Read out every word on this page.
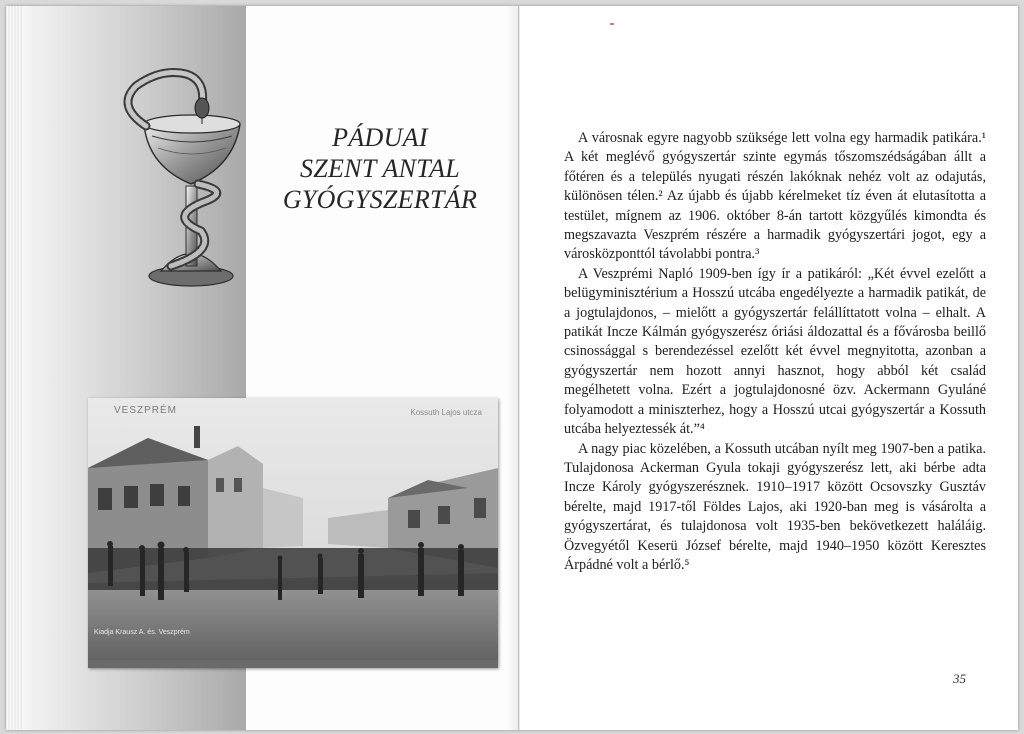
PÁDUAI
SZENT ANTAL
GYÓGYSZERTÁR
VESZPRÉM	Kossuth Lajos utcza
Kiadja Krausz A. és. Veszprém

A városnak egyre nagyobb szüksége lett volna egy harmadik patikára.¹ A két meglévő gyógyszertár szinte egymás tőszomszédságában állt a főtéren és a település nyugati részén lakóknak nehéz volt az odajutás, különösen télen.² Az újabb és újabb kérelmeket tíz éven át elutasította a testület, mígnem az 1906. október 8-án tartott közgyűlés kimondta és megszavazta Veszprém részére a harmadik gyógyszertári jogot, egy a városközponttól távolabbi pontra.³

A Veszprémi Napló 1909-ben így ír a patikáról: „Két évvel ezelőtt a belügyminisztérium a Hosszú utcába engedélyezte a harmadik patikát, de a jogtulajdonos, – mielőtt a gyógyszertár felállíttatott volna – elhalt. A patikát Incze Kálmán gyógyszerész óriási áldozattal és a fővárosba beillő csinossággal s berendezéssel ezelőtt két évvel megnyitotta, azonban a gyógyszertár nem hozott annyi hasznot, hogy abból két család megélhetett volna. Ezért a jogtulajdonosné özv. Ackermann Gyuláné folyamodott a miniszterhez, hogy a Hosszú utcai gyógyszertár a Kossuth utcába helyeztessék át.”⁴

A nagy piac közelében, a Kossuth utcában nyílt meg 1907-ben a patika. Tulajdonosa Ackerman Gyula tokaji gyógyszerész lett, aki bérbe adta Incze Károly gyógyszerésznek. 1910–1917 között Ocsovszky Gusztáv bérelte, majd 1917-től Földes Lajos, aki 1920-ban meg is vásárolta a gyógyszertárat, és tulajdonosa volt 1935-ben bekövetkezett haláláig. Özvegyétől Keserü József bérelte, majd 1940–1950 között Keresztes Árpádné volt a bérlő.⁵

35
